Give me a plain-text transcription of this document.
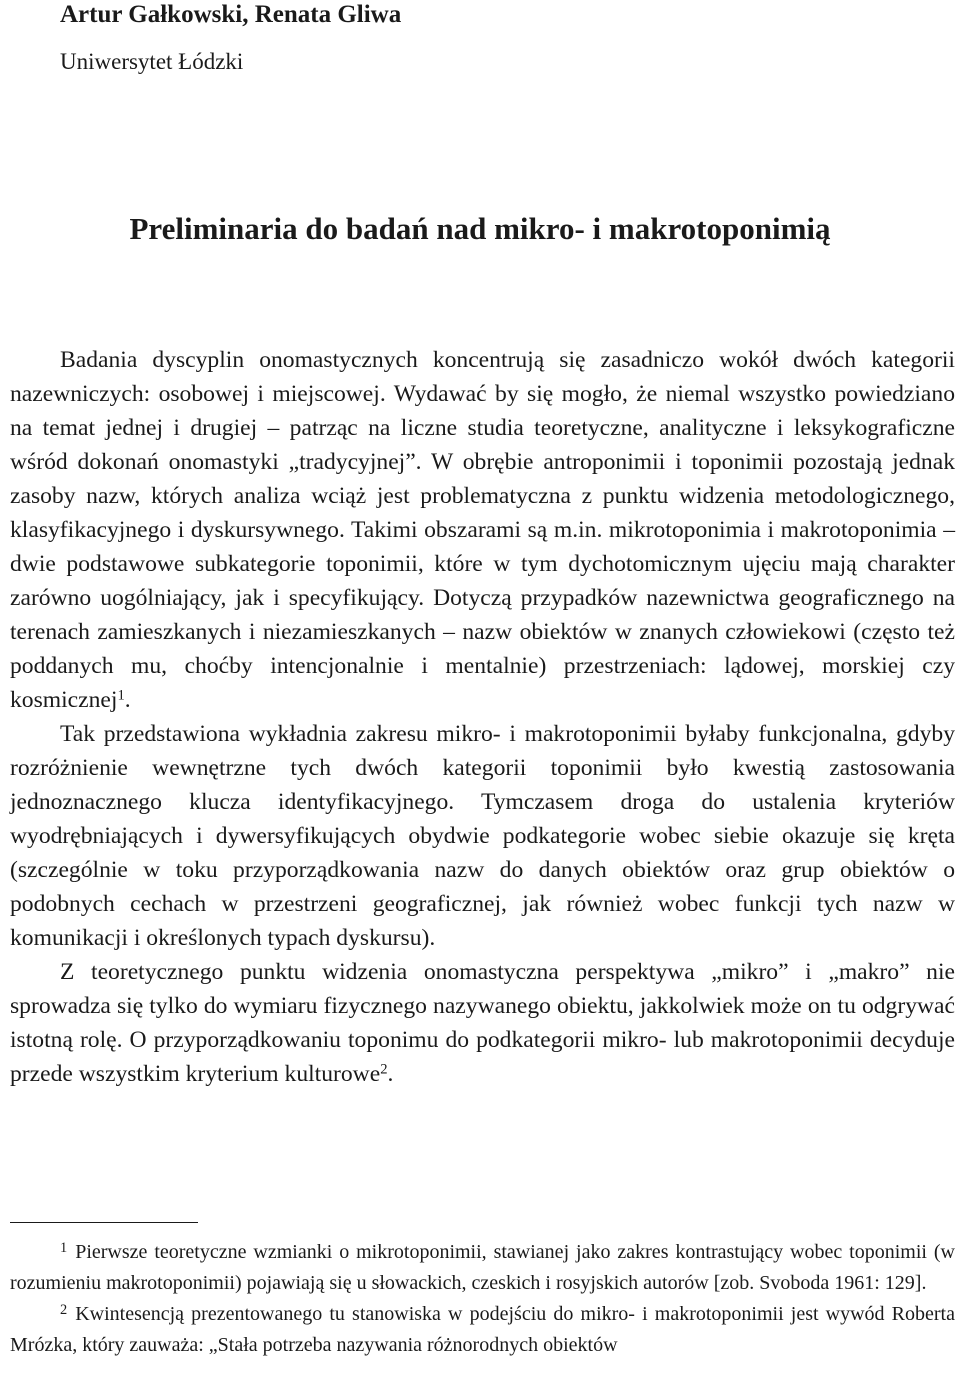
Artur Gałkowski, Renata Gliwa

Uniwersytet Łódzki

Preliminaria do badań nad mikro- i makrotoponimią

Badania dyscyplin onomastycznych koncentrują się zasadniczo wokół dwóch kategorii nazewniczych: osobowej i miejscowej. Wydawać by się mogło, że niemal wszystko powiedziano na temat jednej i drugiej – patrząc na liczne studia teoretyczne, analityczne i leksykograficzne wśród dokonań onomastyki „tradycyjnej”. W obrębie antroponimii i toponimii pozostają jednak zasoby nazw, których analiza wciąż jest problematyczna z punktu widzenia metodologicznego, klasyfikacyjnego i dyskursywnego. Takimi obszarami są m.in. mikrotoponimia i makrotoponimia – dwie podstawowe subkategorie toponimii, które w tym dychotomicznym ujęciu mają charakter zarówno uogólniający, jak i specyfikujący. Dotyczą przypadków nazewnictwa geograficznego na terenach zamieszkanych i niezamieszkanych – nazw obiektów w znanych człowiekowi (często też poddanych mu, choćby intencjonalnie i mentalnie) przestrzeniach: lądowej, morskiej czy kosmicznej$^1$.

Tak przedstawiona wykładnia zakresu mikro- i makrotoponimii byłaby funkcjonalna, gdyby rozróżnienie wewnętrzne tych dwóch kategorii toponimii było kwestią zastosowania jednoznacznego klucza identyfikacyjnego. Tymczasem droga do ustalenia kryteriów wyodrębniających i dywersyfikujących obydwie podkategorie wobec siebie okazuje się kręta (szczególnie w toku przyporządkowania nazw do danych obiektów oraz grup obiektów o podobnych cechach w przestrzeni geograficznej, jak również wobec funkcji tych nazw w komunikacji i określonych typach dyskursu).

Z teoretycznego punktu widzenia onomastyczna perspektywa „mikro” i „makro” nie sprowadza się tylko do wymiaru fizycznego nazywanego obiektu, jakkolwiek może on tu odgrywać istotną rolę. O przyporządkowaniu toponimu do podkategorii mikro- lub makrotoponimii decyduje przede wszystkim kryterium kulturowe$^2$.

$^1$ Pierwsze teoretyczne wzmianki o mikrotoponimii, stawianej jako zakres kontrastujący wobec toponimii (w rozumieniu makrotoponimii) pojawiają się u słowackich, czeskich i rosyjskich autorów [zob. Svoboda 1961: 129].

$^2$ Kwintesencją prezentowanego tu stanowiska w podejściu do mikro- i makrotoponimii jest wywód Roberta Mrózka, który zauważa: „Stała potrzeba nazywania różnorodnych obiektów
